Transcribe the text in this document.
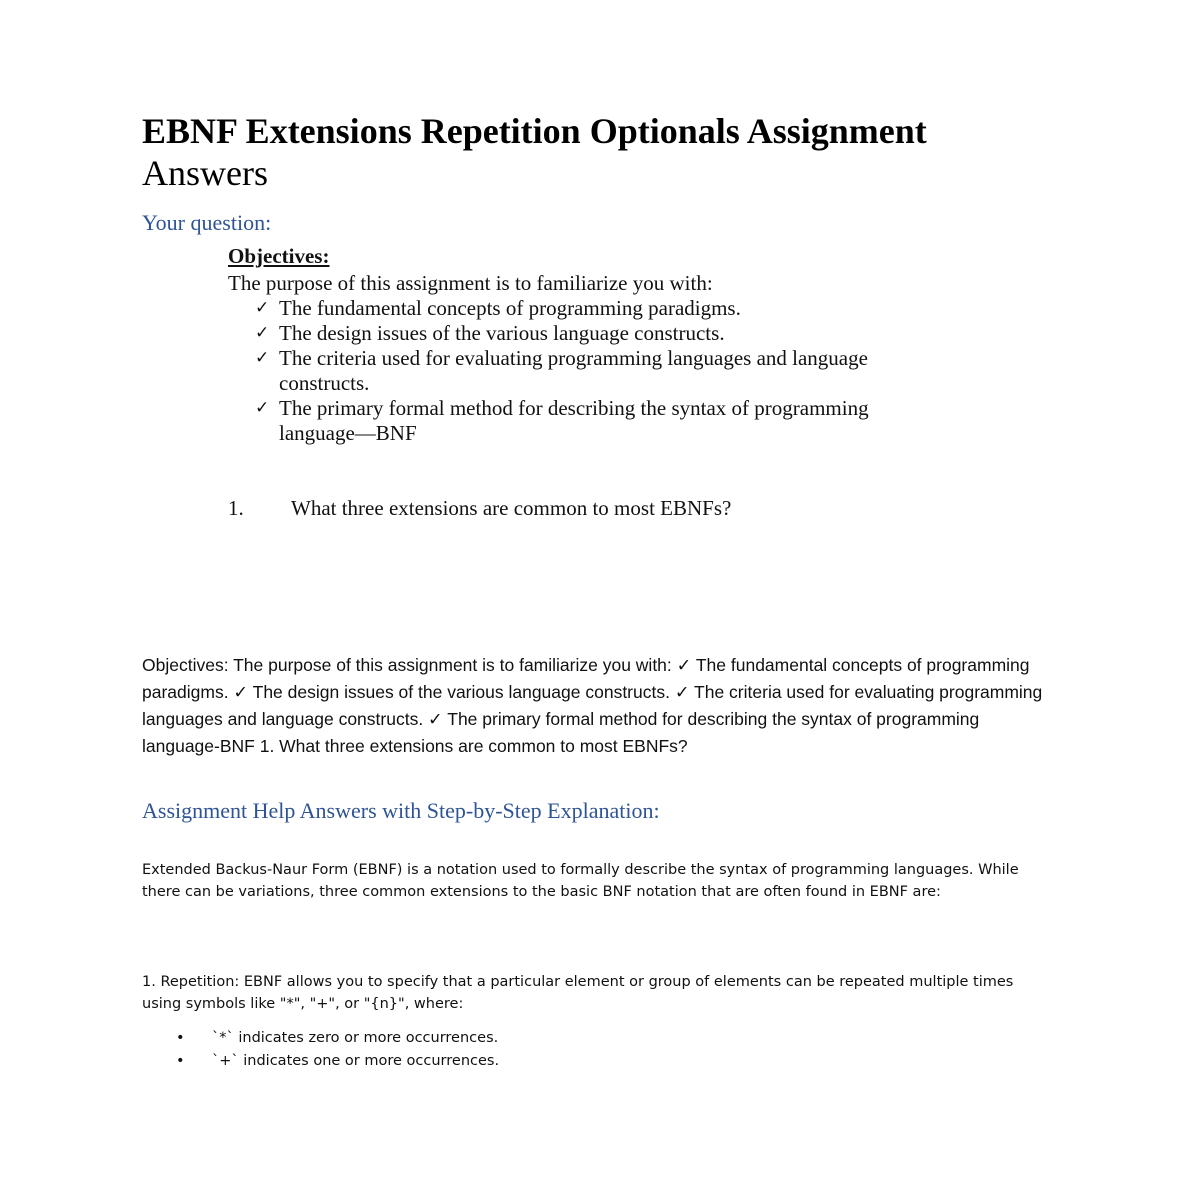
EBNF Extensions Repetition Optionals Assignment Answers
Your question:

Objectives:

The purpose of this assignment is to familiarize you with:

✓ The fundamental concepts of programming paradigms.
✓ The design issues of the various language constructs.
✓ The criteria used for evaluating programming languages and language constructs.
✓ The primary formal method for describing the syntax of programming language—BNF
1. What three extensions are common to most EBNFs?

Objectives: The purpose of this assignment is to familiarize you with: ✓ The fundamental concepts of programming paradigms. ✓ The design issues of the various language constructs. ✓ The criteria used for evaluating programming languages and language constructs. ✓ The primary formal method for describing the syntax of programming language-BNF 1. What three extensions are common to most EBNFs?

Assignment Help Answers with Step-by-Step Explanation:

Extended Backus-Naur Form (EBNF) is a notation used to formally describe the syntax of programming languages. While there can be variations, three common extensions to the basic BNF notation that are often found in EBNF are:

1. Repetition: EBNF allows you to specify that a particular element or group of elements can be repeated multiple times using symbols like "*", "+", or "{n}", where:

• `*` indicates zero or more occurrences.
• `+` indicates one or more occurrences.
